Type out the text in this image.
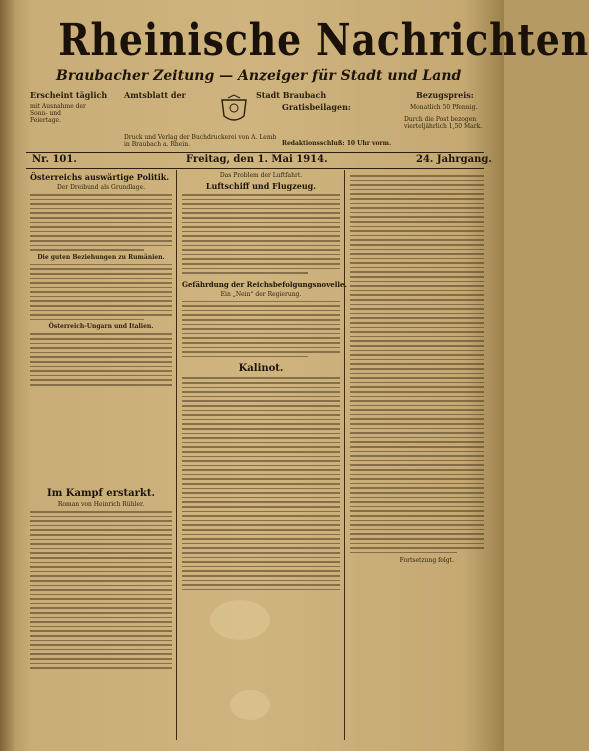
Rheinische Nachrichten
Braubacher Zeitung — Anzeiger für Stadt und Land
Erscheint täglich
mit Ausnahme der Sonn- und Feiertage.
Amtsblatt der	Stadt Braubach
Gratisbeilagen:
Bezugspreis:
Monatlich 50 Pfennig.
Durch die Post bezogen vierteljährlich 1,50 Mark.
Druck und Verlag der Buchdruckerei von A. Lemb in Braubach a. Rhein.	Redaktionsschluß: 10 Uhr vorm.
Nr. 101.	Freitag, den 1. Mai 1914.	24. Jahrgang.
Österreichs auswärtige Politik.
Der Dreibund als Grundlage.
Die guten Beziehungen zu Rumänien.
Österreich-Ungarn und Italien.
Im Kampf erstarkt.
Roman von Heinrich Rühler.
Das Problem der Luftfahrt.
Luftschiff und Flugzeug.
Gefährdung der Reichsbefolgungsnovelle.
Ein „Nein“ der Regierung.
Kalinot.
Fortsetzung folgt.
